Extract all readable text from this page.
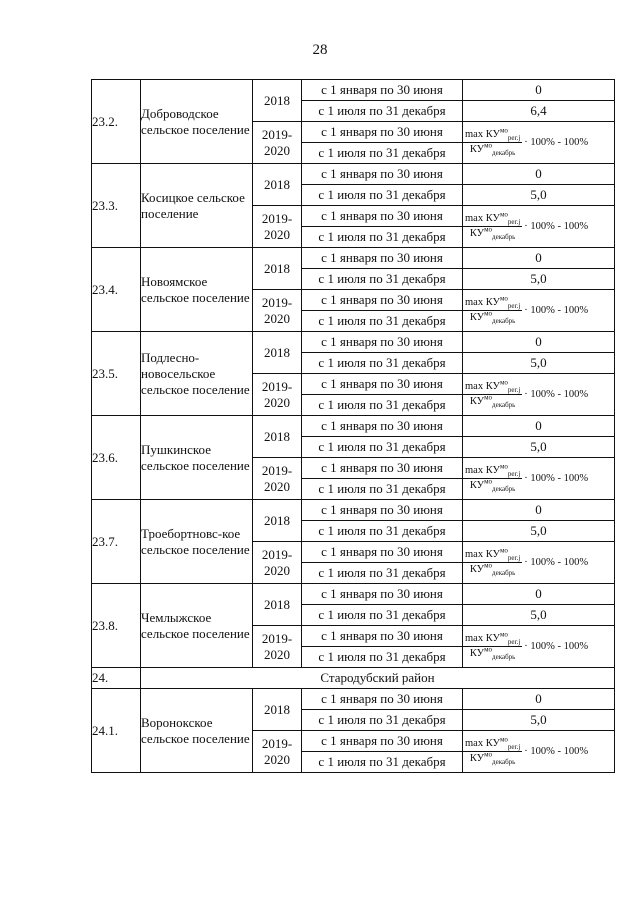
28
23.2.	Доброводское сельское поселение	2018	с 1 января по 30 июня	0
			с 1 июля по 31 декабря	6,4
		2019-2020	с 1 января по 30 июня	$\frac{\max КУ^{мо}_{рег.j}}{КУ^{мо}_{декабрь}} \cdot 100\% - 100\%$
			с 1 июля по 31 декабря	
23.3.	Косицкое сельское поселение	2018	с 1 января по 30 июня	0
			с 1 июля по 31 декабря	5,0
		2019-2020	с 1 января по 30 июня	$\frac{\max КУ^{мо}_{рег.j}}{КУ^{мо}_{декабрь}} \cdot 100\% - 100\%$
			с 1 июля по 31 декабря	
23.4.	Новоямское сельское поселение	2018	с 1 января по 30 июня	0
			с 1 июля по 31 декабря	5,0
		2019-2020	с 1 января по 30 июня	$\frac{\max КУ^{мо}_{рег.j}}{КУ^{мо}_{декабрь}} \cdot 100\% - 100\%$
			с 1 июля по 31 декабря	
23.5.	Подлесно-новосельское сельское поселение	2018	с 1 января по 30 июня	0
			с 1 июля по 31 декабря	5,0
		2019-2020	с 1 января по 30 июня	$\frac{\max КУ^{мо}_{рег.j}}{КУ^{мо}_{декабрь}} \cdot 100\% - 100\%$
			с 1 июля по 31 декабря	
23.6.	Пушкинское сельское поселение	2018	с 1 января по 30 июня	0
			с 1 июля по 31 декабря	5,0
		2019-2020	с 1 января по 30 июня	$\frac{\max КУ^{мо}_{рег.j}}{КУ^{мо}_{декабрь}} \cdot 100\% - 100\%$
			с 1 июля по 31 декабря	
23.7.	Троебортновс-кое сельское поселение	2018	с 1 января по 30 июня	0
			с 1 июля по 31 декабря	5,0
		2019-2020	с 1 января по 30 июня	$\frac{\max КУ^{мо}_{рег.j}}{КУ^{мо}_{декабрь}} \cdot 100\% - 100\%$
			с 1 июля по 31 декабря	
23.8.	Чемлыжское сельское поселение	2018	с 1 января по 30 июня	0
			с 1 июля по 31 декабря	5,0
		2019-2020	с 1 января по 30 июня	$\frac{\max КУ^{мо}_{рег.j}}{КУ^{мо}_{декабрь}} \cdot 100\% - 100\%$
			с 1 июля по 31 декабря	
24.	Стародубский район			
24.1.	Воронокское сельское поселение	2018	с 1 января по 30 июня	0
			с 1 июля по 31 декабря	5,0
		2019-2020	с 1 января по 30 июня	$\frac{\max КУ^{мо}_{рег.j}}{КУ^{мо}_{декабрь}} \cdot 100\% - 100\%$
			с 1 июля по 31 декабря	
